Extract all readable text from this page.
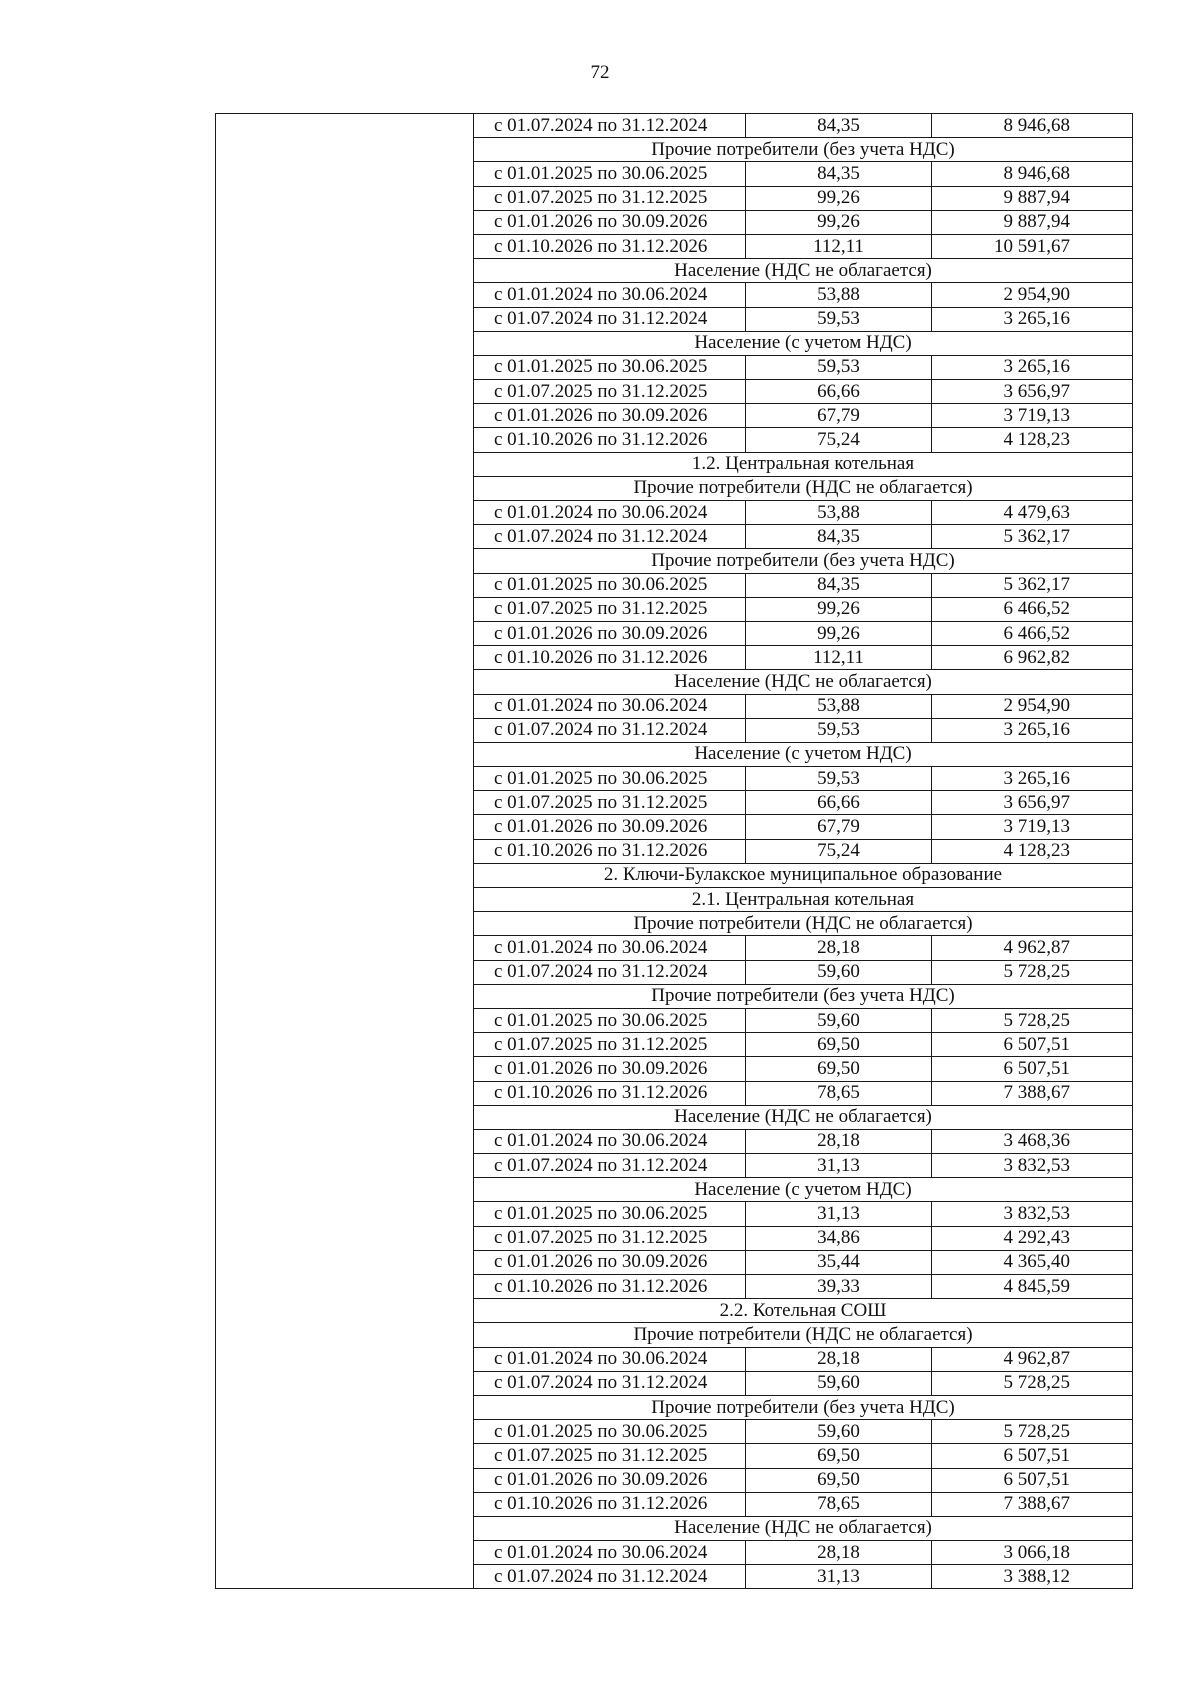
72
	с 01.07.2024 по 31.12.2024	84,35	8 946,68
	Прочие потребители (без учета НДС)		
	с 01.01.2025 по 30.06.2025	84,35	8 946,68
	с 01.07.2025 по 31.12.2025	99,26	9 887,94
	с 01.01.2026 по 30.09.2026	99,26	9 887,94
	с 01.10.2026 по 31.12.2026	112,11	10 591,67
	Население (НДС не облагается)		
	с 01.01.2024 по 30.06.2024	53,88	2 954,90
	с 01.07.2024 по 31.12.2024	59,53	3 265,16
	Население (с учетом НДС)		
	с 01.01.2025 по 30.06.2025	59,53	3 265,16
	с 01.07.2025 по 31.12.2025	66,66	3 656,97
	с 01.01.2026 по 30.09.2026	67,79	3 719,13
	с 01.10.2026 по 31.12.2026	75,24	4 128,23
	1.2. Центральная котельная		
	Прочие потребители (НДС не облагается)		
	с 01.01.2024 по 30.06.2024	53,88	4 479,63
	с 01.07.2024 по 31.12.2024	84,35	5 362,17
	Прочие потребители (без учета НДС)		
	с 01.01.2025 по 30.06.2025	84,35	5 362,17
	с 01.07.2025 по 31.12.2025	99,26	6 466,52
	с 01.01.2026 по 30.09.2026	99,26	6 466,52
	с 01.10.2026 по 31.12.2026	112,11	6 962,82
	Население (НДС не облагается)		
	с 01.01.2024 по 30.06.2024	53,88	2 954,90
	с 01.07.2024 по 31.12.2024	59,53	3 265,16
	Население (с учетом НДС)		
	с 01.01.2025 по 30.06.2025	59,53	3 265,16
	с 01.07.2025 по 31.12.2025	66,66	3 656,97
	с 01.01.2026 по 30.09.2026	67,79	3 719,13
	с 01.10.2026 по 31.12.2026	75,24	4 128,23
	2. Ключи-Булакское муниципальное образование		
	2.1. Центральная котельная		
	Прочие потребители (НДС не облагается)		
	с 01.01.2024 по 30.06.2024	28,18	4 962,87
	с 01.07.2024 по 31.12.2024	59,60	5 728,25
	Прочие потребители (без учета НДС)		
	с 01.01.2025 по 30.06.2025	59,60	5 728,25
	с 01.07.2025 по 31.12.2025	69,50	6 507,51
	с 01.01.2026 по 30.09.2026	69,50	6 507,51
	с 01.10.2026 по 31.12.2026	78,65	7 388,67
	Население (НДС не облагается)		
	с 01.01.2024 по 30.06.2024	28,18	3 468,36
	с 01.07.2024 по 31.12.2024	31,13	3 832,53
	Население (с учетом НДС)		
	с 01.01.2025 по 30.06.2025	31,13	3 832,53
	с 01.07.2025 по 31.12.2025	34,86	4 292,43
	с 01.01.2026 по 30.09.2026	35,44	4 365,40
	с 01.10.2026 по 31.12.2026	39,33	4 845,59
	2.2. Котельная СОШ		
	Прочие потребители (НДС не облагается)		
	с 01.01.2024 по 30.06.2024	28,18	4 962,87
	с 01.07.2024 по 31.12.2024	59,60	5 728,25
	Прочие потребители (без учета НДС)		
	с 01.01.2025 по 30.06.2025	59,60	5 728,25
	с 01.07.2025 по 31.12.2025	69,50	6 507,51
	с 01.01.2026 по 30.09.2026	69,50	6 507,51
	с 01.10.2026 по 31.12.2026	78,65	7 388,67
	Население (НДС не облагается)		
	с 01.01.2024 по 30.06.2024	28,18	3 066,18
	с 01.07.2024 по 31.12.2024	31,13	3 388,12
